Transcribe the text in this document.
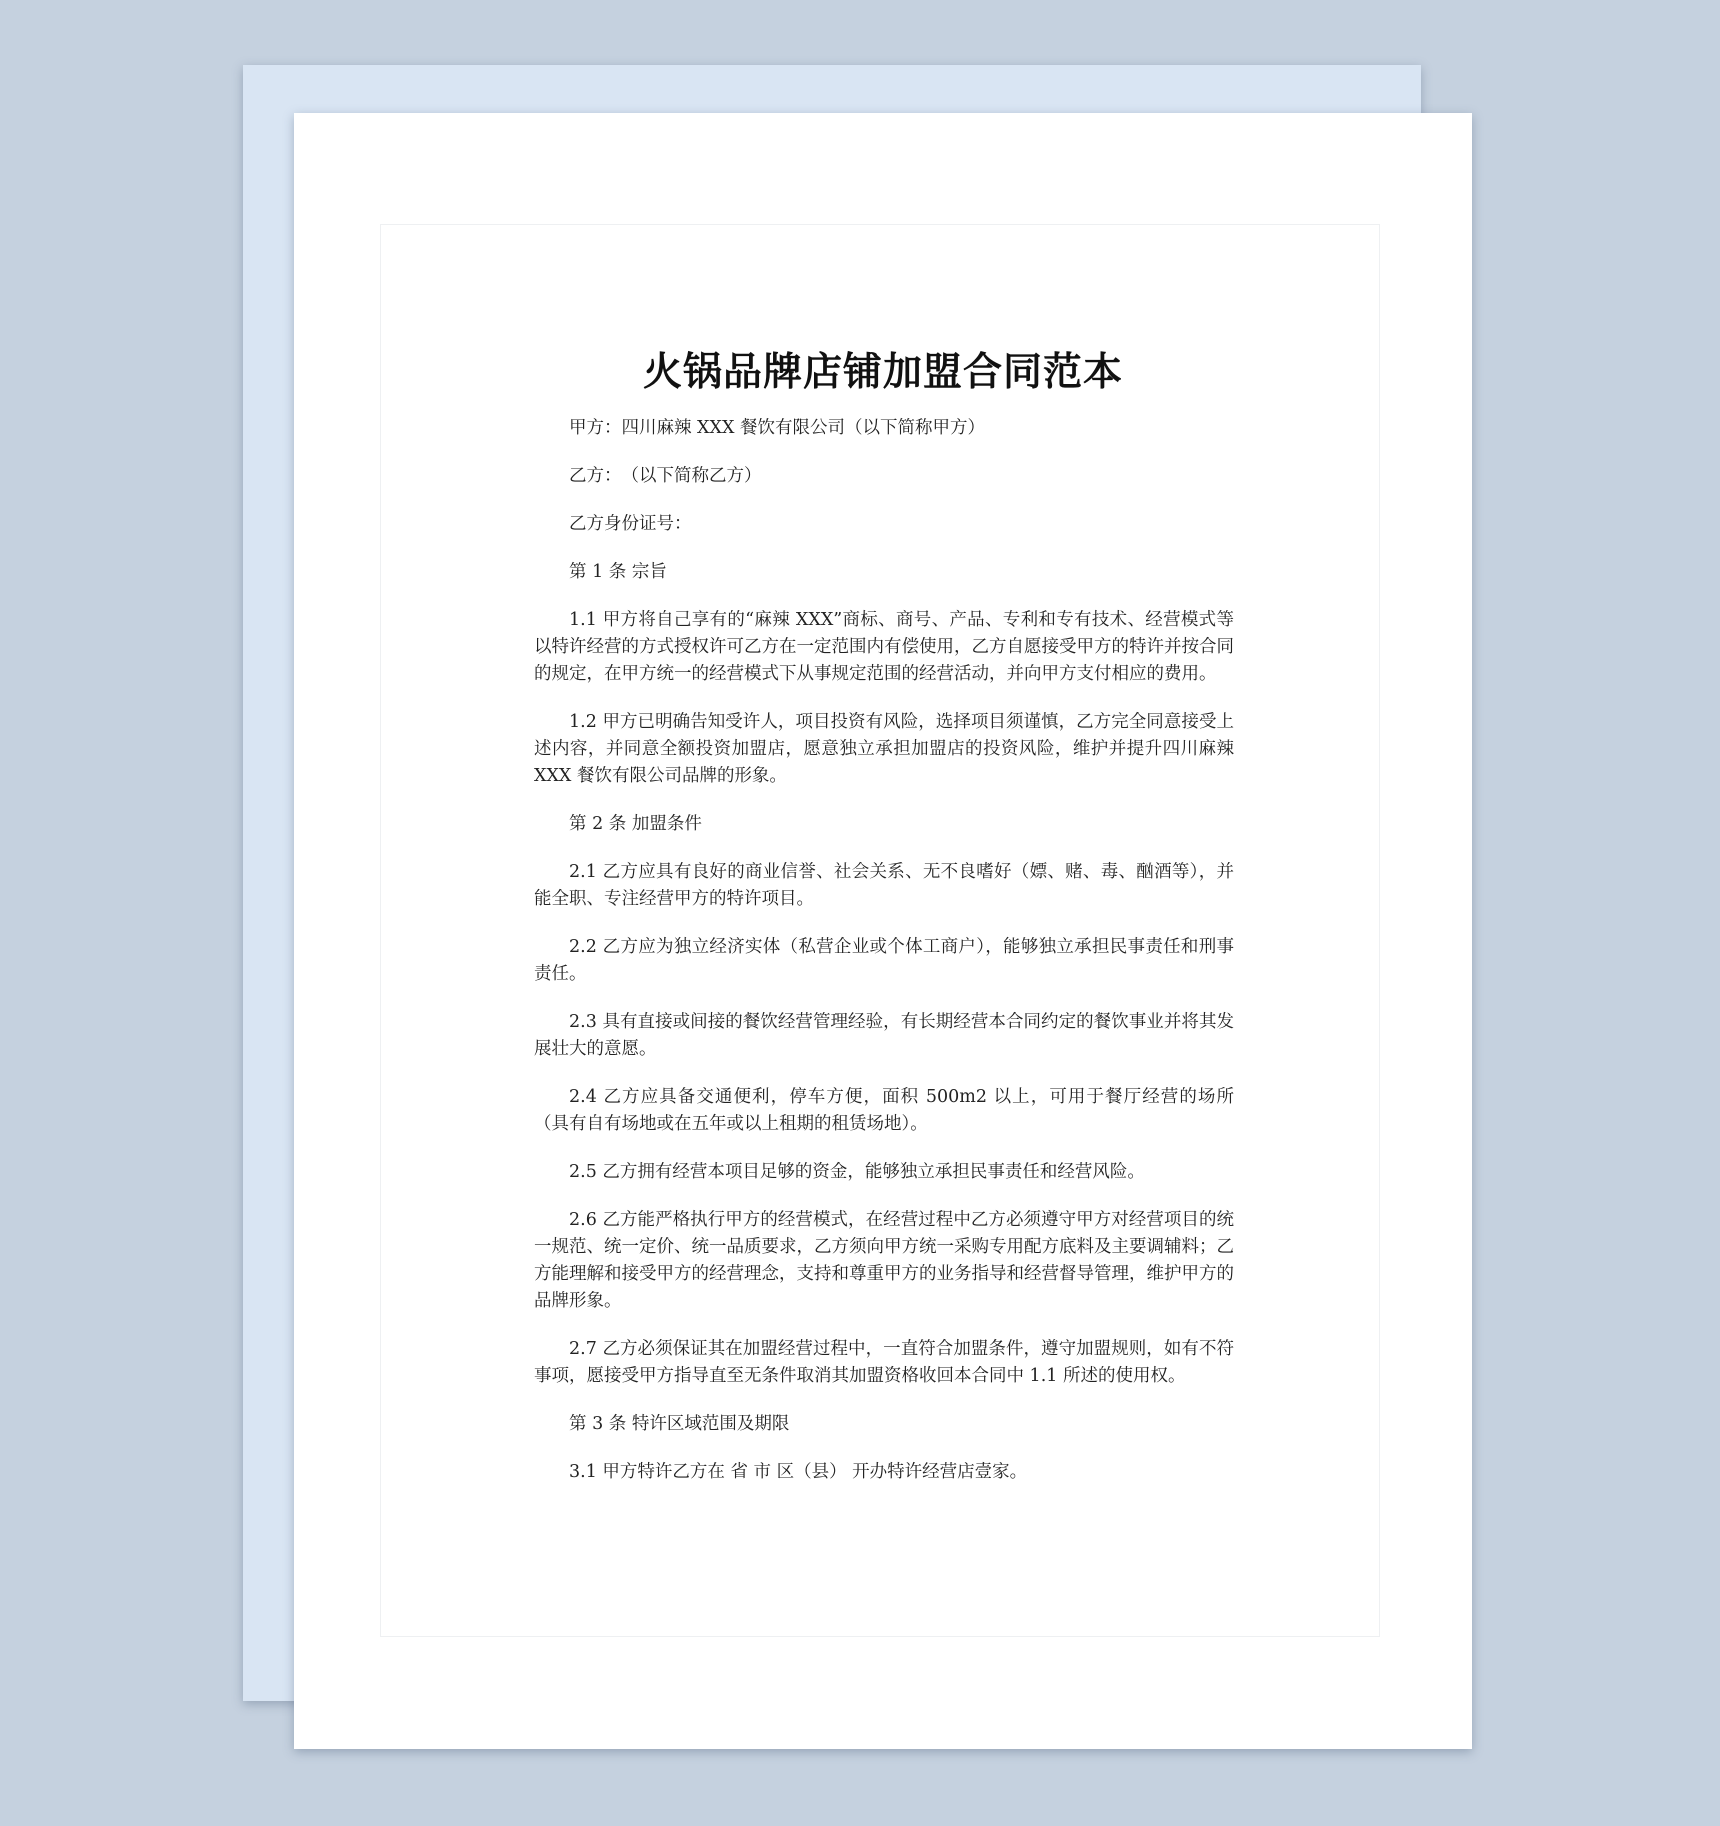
火锅品牌店铺加盟合同范本

甲方：四川麻辣 XXX 餐饮有限公司（以下简称甲方）

乙方：　（以下简称乙方）

乙方身份证号：

第 1 条 宗旨

1.1 甲方将自己享有的“麻辣 XXX”商标、商号、产品、专利和专有技术、经营模式等以特许经营的方式授权许可乙方在一定范围内有偿使用，乙方自愿接受甲方的特许并按合同的规定，在甲方统一的经营模式下从事规定范围的经营活动，并向甲方支付相应的费用。

1.2 甲方已明确告知受许人，项目投资有风险，选择项目须谨慎，乙方完全同意接受上述内容，并同意全额投资加盟店，愿意独立承担加盟店的投资风险，维护并提升四川麻辣 XXX 餐饮有限公司品牌的形象。

第 2 条 加盟条件

2.1 乙方应具有良好的商业信誉、社会关系、无不良嗜好（嫖、赌、毒、酗酒等），并能全职、专注经营甲方的特许项目。

2.2 乙方应为独立经济实体（私营企业或个体工商户），能够独立承担民事责任和刑事责任。

2.3 具有直接或间接的餐饮经营管理经验，有长期经营本合同约定的餐饮事业并将其发展壮大的意愿。

2.4 乙方应具备交通便利，停车方便，面积 500m2 以上，可用于餐厅经营的场所（具有自有场地或在五年或以上租期的租赁场地）。

2.5 乙方拥有经营本项目足够的资金，能够独立承担民事责任和经营风险。

2.6 乙方能严格执行甲方的经营模式，在经营过程中乙方必须遵守甲方对经营项目的统一规范、统一定价、统一品质要求，乙方须向甲方统一采购专用配方底料及主要调辅料；乙方能理解和接受甲方的经营理念，支持和尊重甲方的业务指导和经营督导管理，维护甲方的品牌形象。

2.7 乙方必须保证其在加盟经营过程中，一直符合加盟条件，遵守加盟规则，如有不符事项，愿接受甲方指导直至无条件取消其加盟资格收回本合同中 1.1 所述的使用权。

第 3 条 特许区域范围及期限

3.1 甲方特许乙方在 省 市 区（县） 开办特许经营店壹家。
